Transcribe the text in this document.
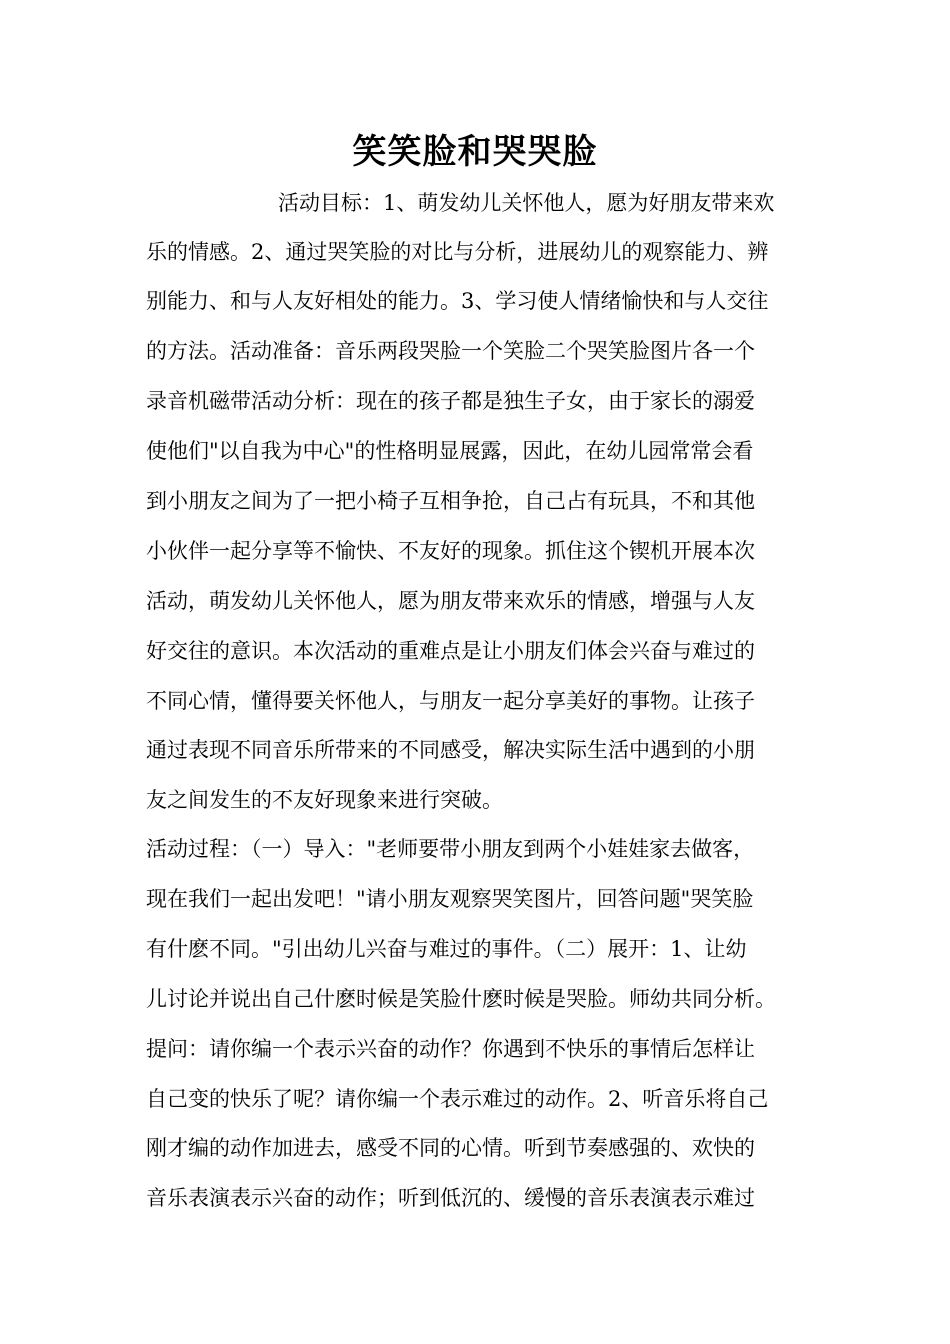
笑笑脸和哭哭脸
活动目标：1、萌发幼儿关怀他人，愿为好朋友带来欢
乐的情感。2、通过哭笑脸的对比与分析，进展幼儿的观察能力、辨
别能力、和与人友好相处的能力。3、学习使人情绪愉快和与人交往
的方法。活动准备：音乐两段哭脸一个笑脸二个哭笑脸图片各一个
录音机磁带活动分析：现在的孩子都是独生子女，由于家长的溺爱
使他们"以自我为中心"的性格明显展露，因此，在幼儿园常常会看
到小朋友之间为了一把小椅子互相争抢，自己占有玩具，不和其他
小伙伴一起分享等不愉快、不友好的现象。抓住这个锲机开展本次
活动，萌发幼儿关怀他人，愿为朋友带来欢乐的情感，增强与人友
好交往的意识。本次活动的重难点是让小朋友们体会兴奋与难过的
不同心情，懂得要关怀他人，与朋友一起分享美好的事物。让孩子
通过表现不同音乐所带来的不同感受，解决实际生活中遇到的小朋
友之间发生的不友好现象来进行突破。
活动过程：（一）导入："老师要带小朋友到两个小娃娃家去做客，
现在我们一起出发吧！"请小朋友观察哭笑图片，回答问题"哭笑脸
有什麽不同。"引出幼儿兴奋与难过的事件。（二）展开：1、让幼
儿讨论并说出自己什麽时候是笑脸什麽时候是哭脸。师幼共同分析。
提问：请你编一个表示兴奋的动作？你遇到不快乐的事情后怎样让
自己变的快乐了呢？请你编一个表示难过的动作。2、听音乐将自己
刚才编的动作加进去，感受不同的心情。听到节奏感强的、欢快的
音乐表演表示兴奋的动作；听到低沉的、缓慢的音乐表演表示难过
